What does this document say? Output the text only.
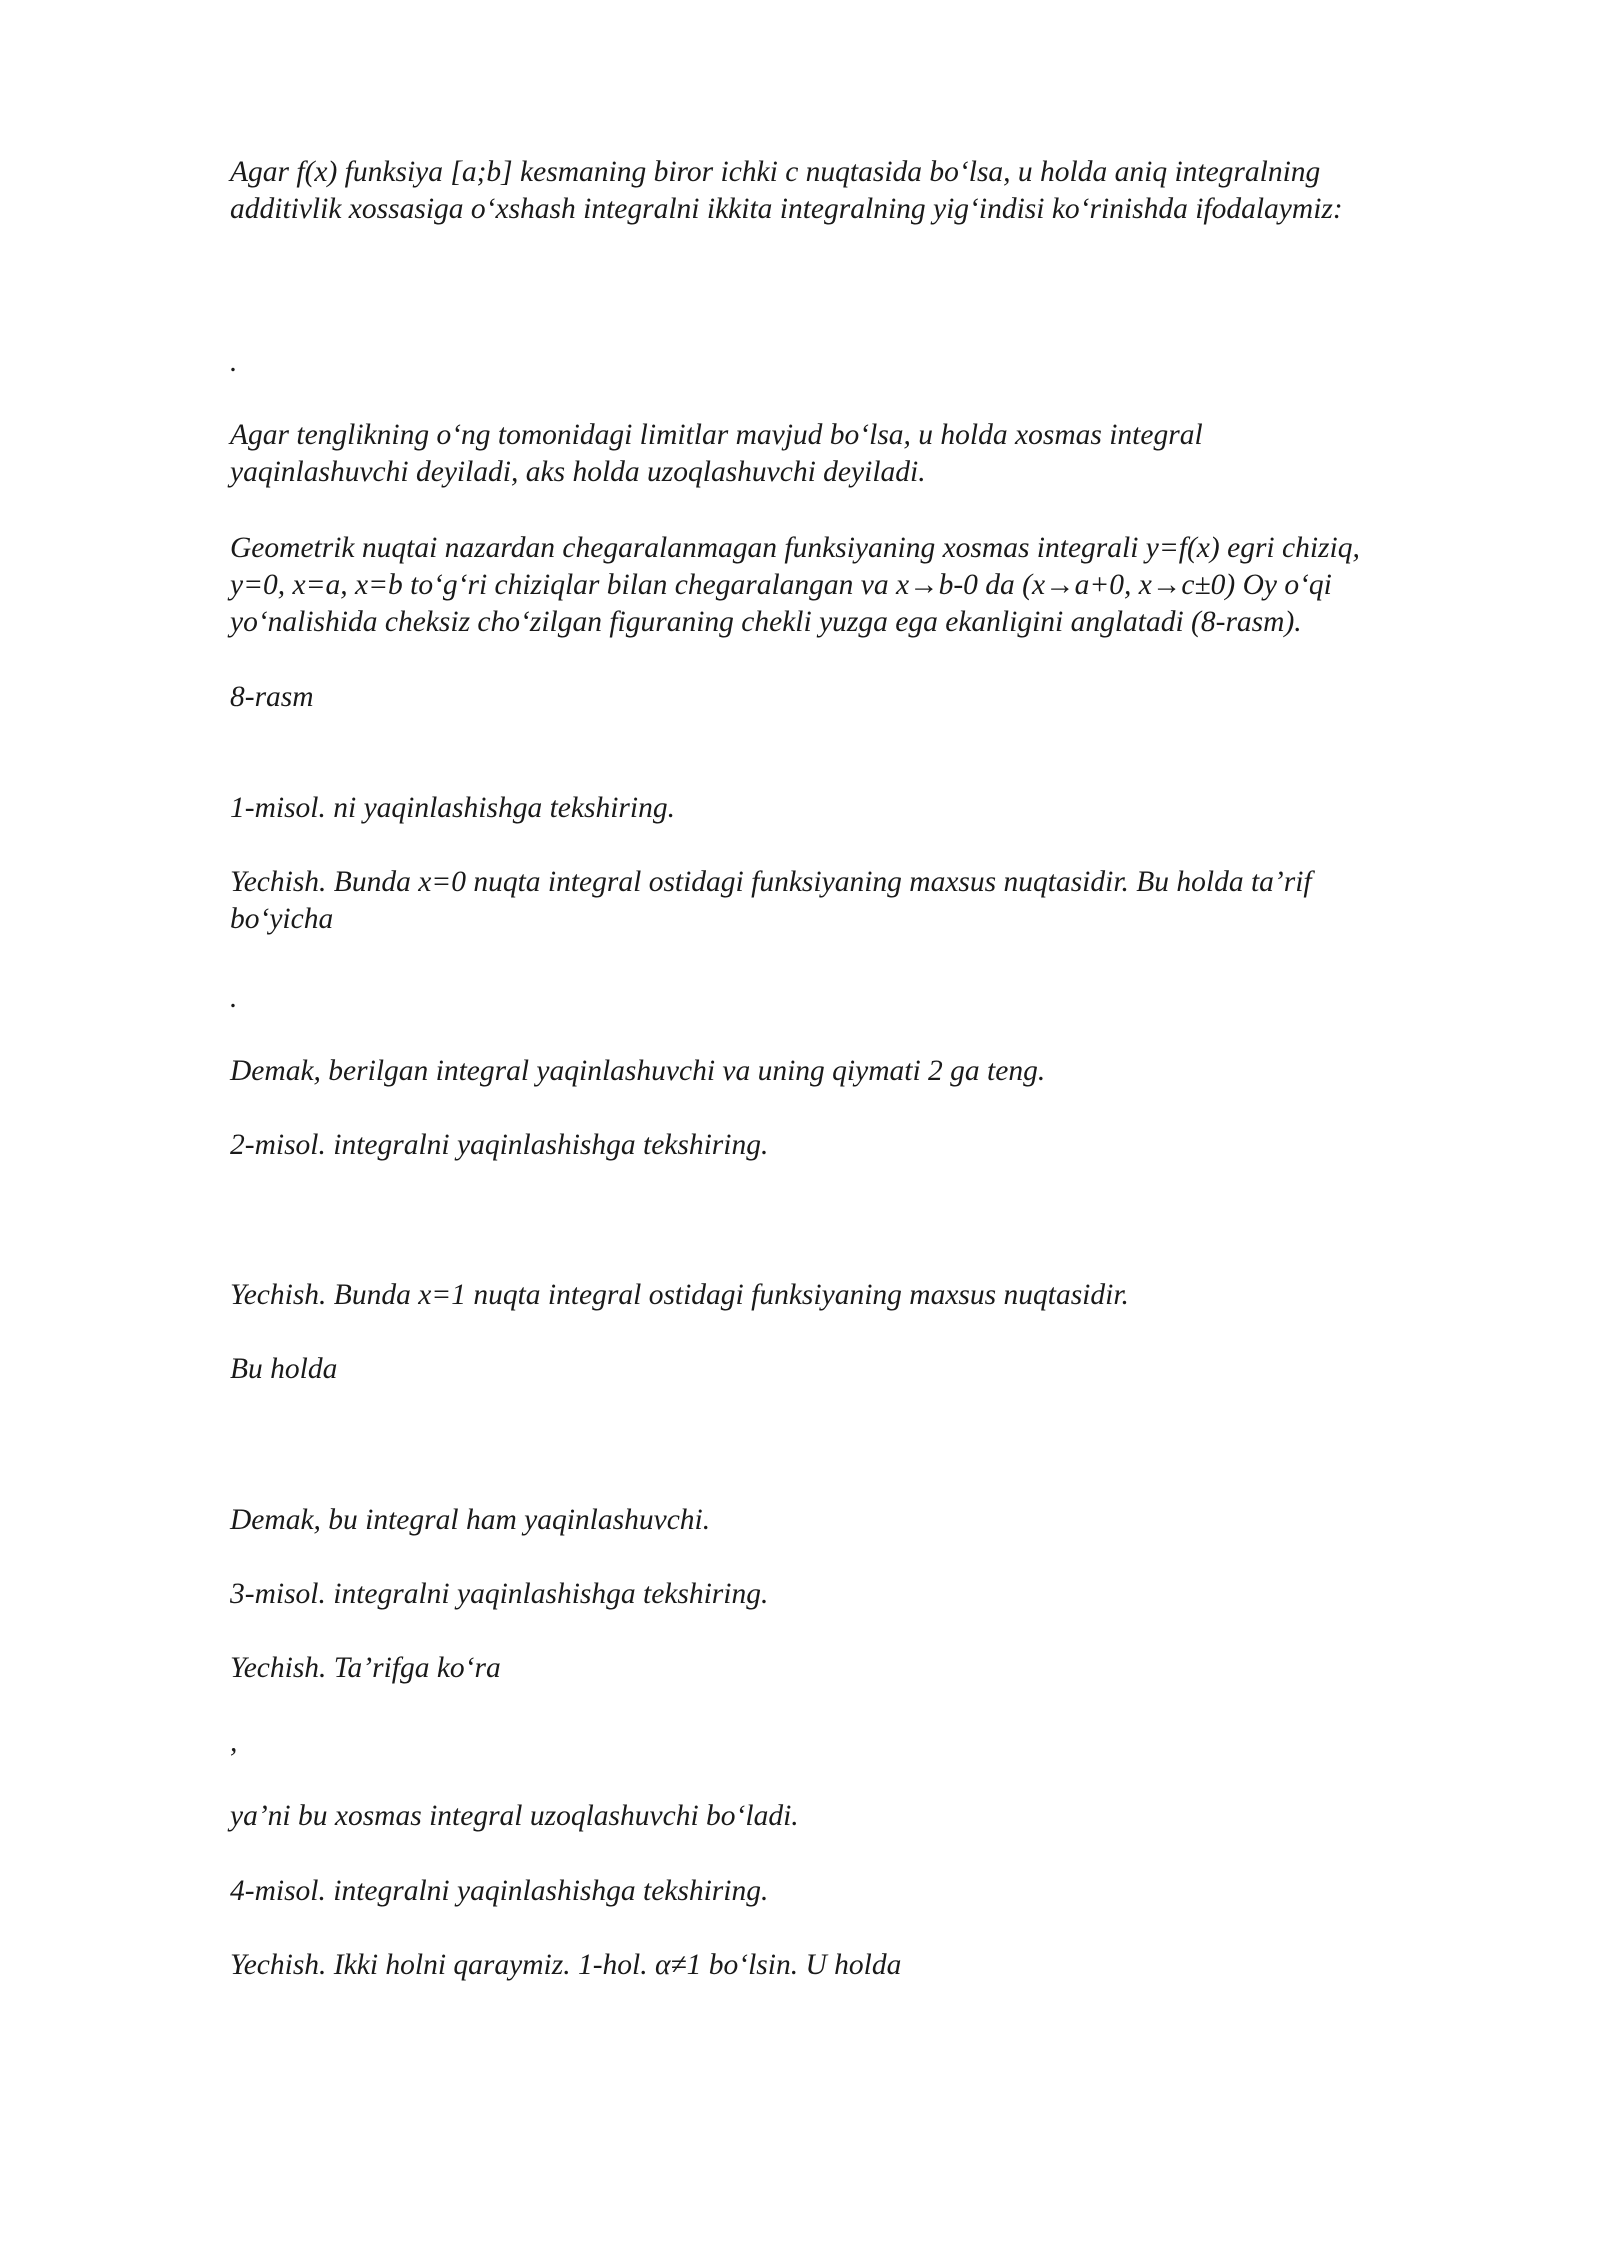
Agar f(x) funksiya [a;b] kesmaning biror ichki c nuqtasida bo‘lsa, u holda aniq integralning
additivlik xossasiga o‘xshash integralni ikkita integralning yig‘indisi ko‘rinishda ifodalaymiz:

.

Agar tenglikning o‘ng tomonidagi limitlar mavjud bo‘lsa, u holda xosmas integral
yaqinlashuvchi deyiladi, aks holda uzoqlashuvchi deyiladi.

Geometrik nuqtai nazardan chegaralanmagan funksiyaning xosmas integrali y=f(x) egri chiziq,
y=0, x=a, x=b to‘g‘ri chiziqlar bilan chegaralangan va x→b-0 da (x→a+0, x→c±0) Oy o‘qi
yo‘nalishida cheksiz cho‘zilgan figuraning chekli yuzga ega ekanligini anglatadi (8-rasm).

8-rasm

1-misol. ni yaqinlashishga tekshiring.

Yechish. Bunda x=0 nuqta integral ostidagi funksiyaning maxsus nuqtasidir. Bu holda ta’rif
bo‘yicha

.

Demak, berilgan integral yaqinlashuvchi va uning qiymati 2 ga teng.

2-misol. integralni yaqinlashishga tekshiring.

Yechish. Bunda x=1 nuqta integral ostidagi funksiyaning maxsus nuqtasidir.

Bu holda

Demak, bu integral ham yaqinlashuvchi.

3-misol. integralni yaqinlashishga tekshiring.

Yechish. Ta’rifga ko‘ra

,

ya’ni bu xosmas integral uzoqlashuvchi bo‘ladi.

4-misol. integralni yaqinlashishga tekshiring.

Yechish. Ikki holni qaraymiz. 1-hol. α≠1 bo‘lsin. U holda
